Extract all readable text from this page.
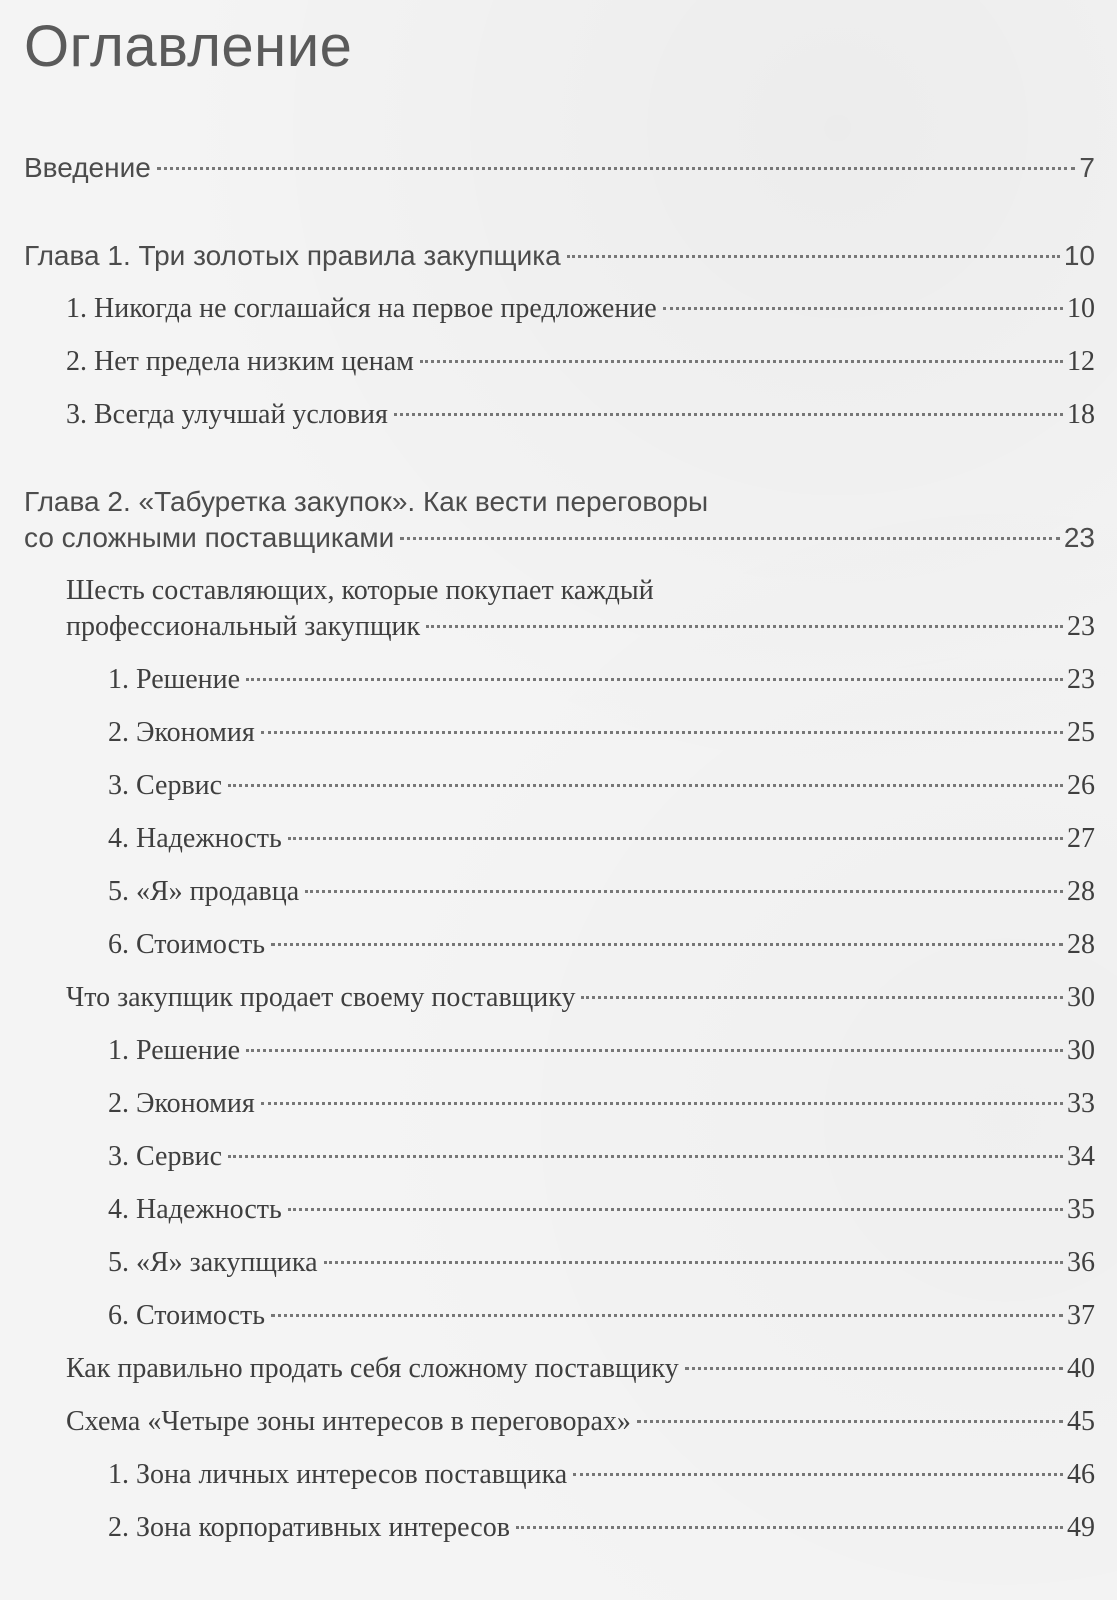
Оглавление
Введение	7
Глава 1. Три золотых правила закупщика	10
1. Никогда не соглашайся на первое предложение	10
2. Нет предела низким ценам	12
3. Всегда улучшай условия	18
Глава 2. «Табуретка закупок». Как вести переговоры
со сложными поставщиками	23
Шесть составляющих, которые покупает каждый
профессиональный закупщик	23
1. Решение	23
2. Экономия	25
3. Сервис	26
4. Надежность	27
5. «Я» продавца	28
6. Стоимость	28
Что закупщик продает своему поставщику	30
1. Решение	30
2. Экономия	33
3. Сервис	34
4. Надежность	35
5. «Я» закупщика	36
6. Стоимость	37
Как правильно продать себя сложному поставщику	40
Схема «Четыре зоны интересов в переговорах»	45
1. Зона личных интересов поставщика	46
2. Зона корпоративных интересов	49
